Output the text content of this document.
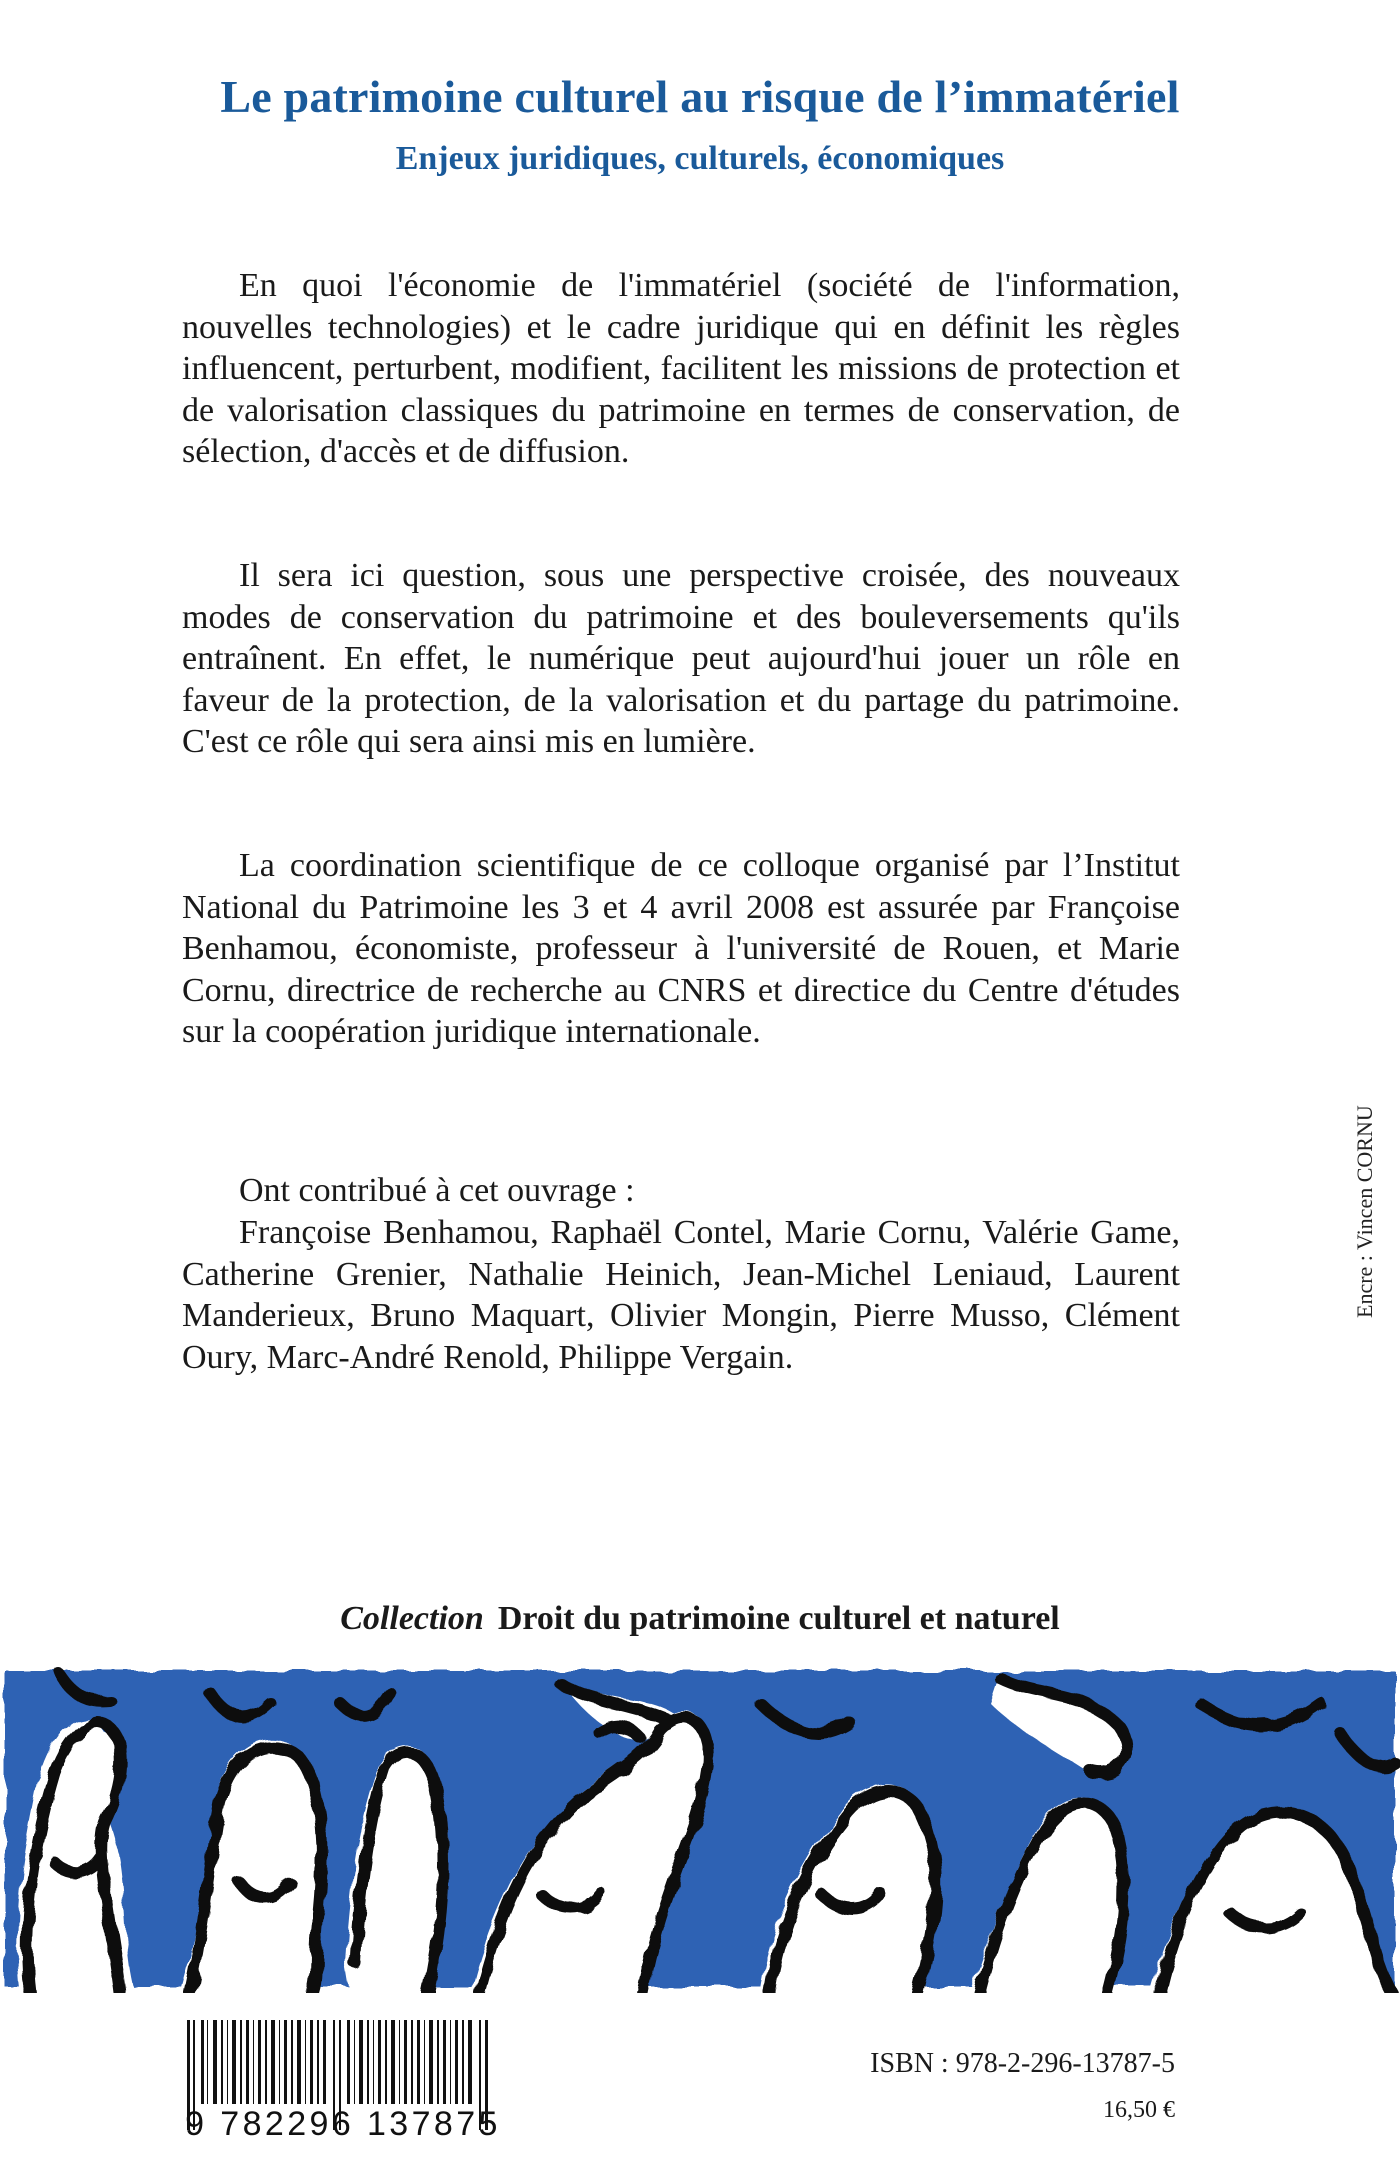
Le patrimoine culturel au risque de l’immatériel
Enjeux juridiques, culturels, économiques

En quoi l'économie de l'immatériel (société de l'information, nouvelles technologies) et le cadre juridique qui en définit les règles influencent, perturbent, modifient, facilitent les missions de protection et de valorisation classiques du patrimoine en termes de conservation, de sélection, d'accès et de diffusion.

Il sera ici question, sous une perspective croisée, des nouveaux modes de conservation du patrimoine et des bouleversements qu'ils entraînent. En effet, le numérique peut aujourd'hui jouer un rôle en faveur de la protection, de la valorisation et du partage du patrimoine. C'est ce rôle qui sera ainsi mis en lumière.

La coordination scientifique de ce colloque organisé par l’Institut National du Patrimoine les 3 et 4 avril 2008 est assurée par Françoise Benhamou, économiste, professeur à l'université de Rouen, et Marie Cornu, directrice de recherche au CNRS et directice du Centre d'études sur la coopération juridique internationale.

Ont contribué à cet ouvrage :

Françoise Benhamou, Raphaël Contel, Marie Cornu, Valérie Game, Catherine Grenier, Nathalie Heinich, Jean-Michel Leniaud, Laurent Manderieux, Bruno Maquart, Olivier Mongin, Pierre Musso, Clément Oury, Marc-André Renold, Philippe Vergain.

Encre : Vincen CORNU

Collection Droit du patrimoine culturel et naturel

9 782296 137875

ISBN : 978-2-296-13787-5

16,50 €
